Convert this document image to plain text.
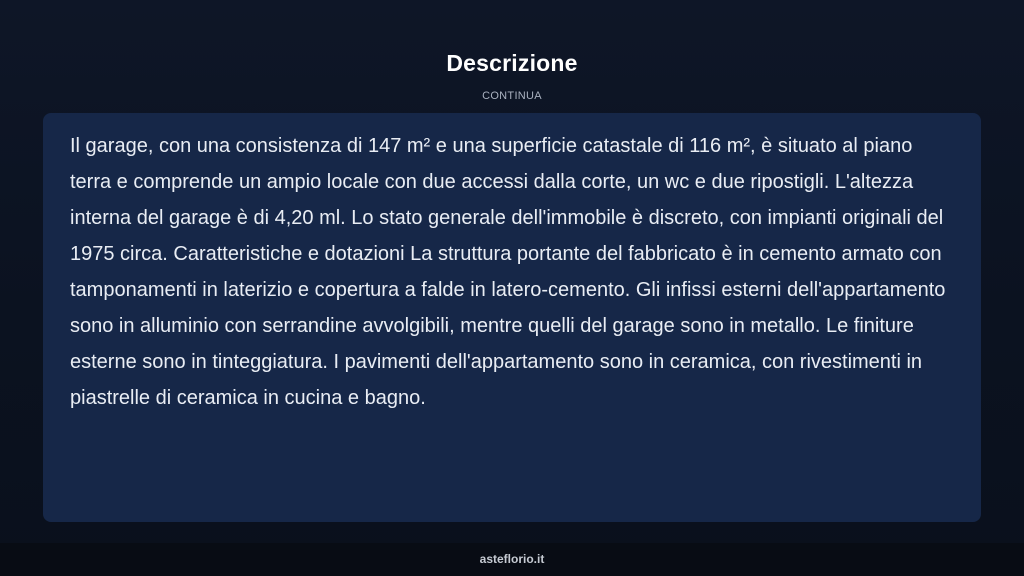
Descrizione
CONTINUA

Il garage, con una consistenza di 147 m² e una superficie catastale di 116 m², è situato al piano terra e comprende un ampio locale con due accessi dalla corte, un wc e due ripostigli. L'altezza interna del garage è di 4,20 ml. Lo stato generale dell'immobile è discreto, con impianti originali del 1975 circa. Caratteristiche e dotazioni La struttura portante del fabbricato è in cemento armato con tamponamenti in laterizio e copertura a falde in latero-cemento. Gli infissi esterni dell'appartamento sono in alluminio con serrandine avvolgibili, mentre quelli del garage sono in metallo. Le finiture esterne sono in tinteggiatura. I pavimenti dell'appartamento sono in ceramica, con rivestimenti in piastrelle di ceramica in cucina e bagno.

asteflorio.it
